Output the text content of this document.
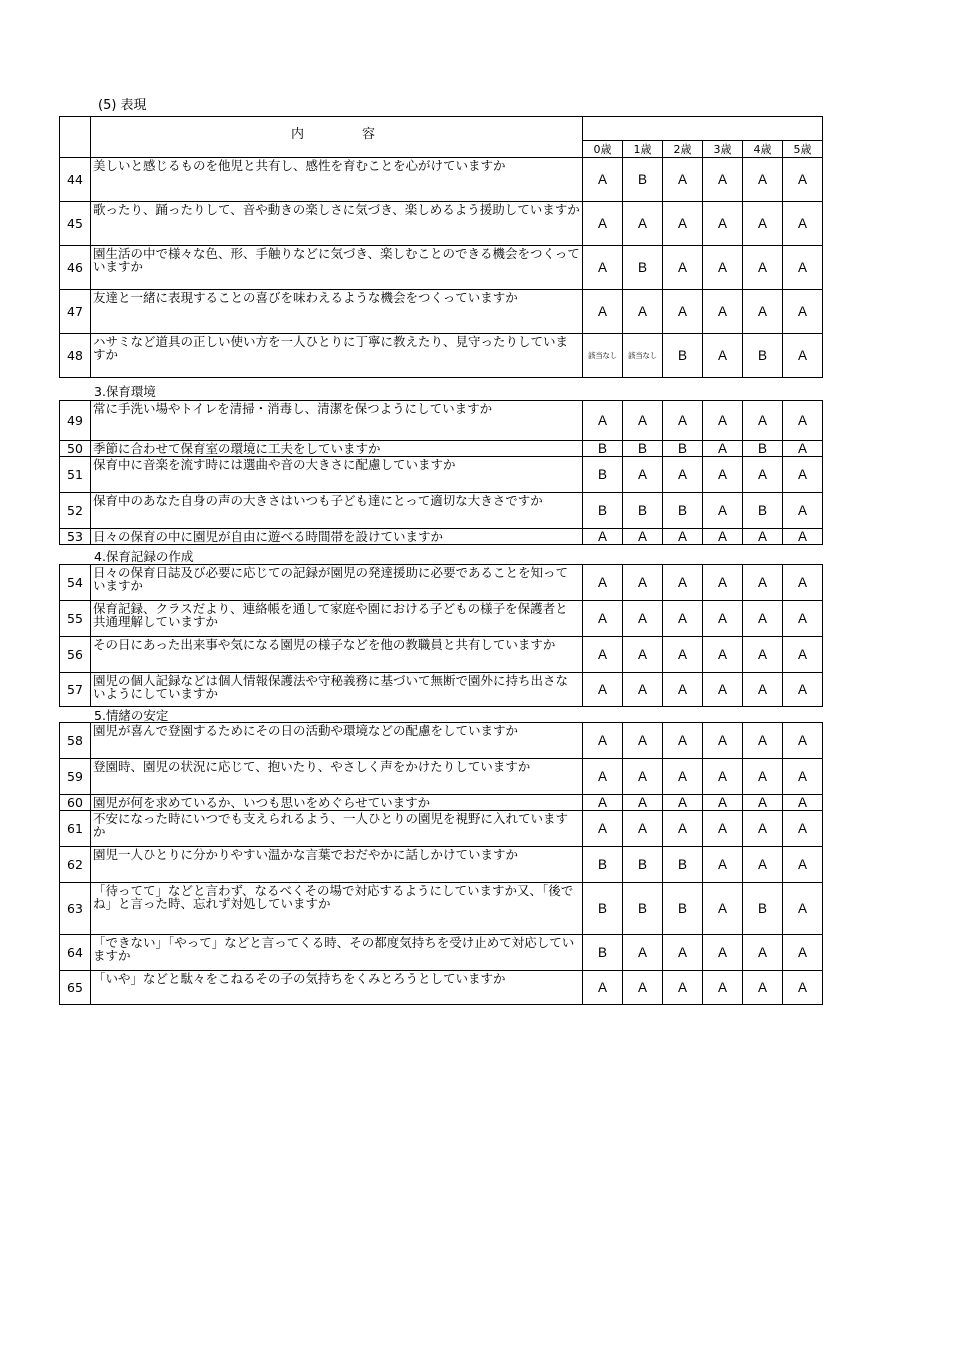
(5) 表現

	内容						

		0歳	1歳	2歳	3歳	4歳	5歳
44	美しいと感じるものを他児と共有し、感性を育むことを心がけていますか	A	B	A	A	A	A
45	歌ったり、踊ったりして、音や動きの楽しさに気づき、楽しめるよう援助していますか	A	A	A	A	A	A
46	園生活の中で様々な色、形、手触りなどに気づき、楽しむことのできる機会をつくっていますか	A	B	A	A	A	A
47	友達と一緒に表現することの喜びを味わえるような機会をつくっていますか	A	A	A	A	A	A
48	ハサミなど道具の正しい使い方を一人ひとりに丁寧に教えたり、見守ったりしていますか	該当なし	該当なし	B	A	B	A
3.保育環境
49	常に手洗い場やトイレを清掃・消毒し、清潔を保つようにしていますか	A	A	A	A	A	A
50	季節に合わせて保育室の環境に工夫をしていますか	B	B	B	A	B	A
51	保育中に音楽を流す時には選曲や音の大きさに配慮していますか	B	A	A	A	A	A
52	保育中のあなた自身の声の大きさはいつも子ども達にとって適切な大きさですか	B	B	B	A	B	A
53	日々の保育の中に園児が自由に遊べる時間帯を設けていますか	A	A	A	A	A	A
4.保育記録の作成
54	日々の保育日誌及び必要に応じての記録が園児の発達援助に必要であることを知っていますか	A	A	A	A	A	A
55	保育記録、クラスだより、連絡帳を通して家庭や園における子どもの様子を保護者と共通理解していますか	A	A	A	A	A	A
56	その日にあった出来事や気になる園児の様子などを他の教職員と共有していますか	A	A	A	A	A	A
57	園児の個人記録などは個人情報保護法や守秘義務に基づいて無断で園外に持ち出さないようにしていますか	A	A	A	A	A	A
5.情緒の安定
58	園児が喜んで登園するためにその日の活動や環境などの配慮をしていますか	A	A	A	A	A	A
59	登園時、園児の状況に応じて、抱いたり、やさしく声をかけたりしていますか	A	A	A	A	A	A
60	園児が何を求めているか、いつも思いをめぐらせていますか	A	A	A	A	A	A
61	不安になった時にいつでも支えられるよう、一人ひとりの園児を視野に入れていますか	A	A	A	A	A	A
62	園児一人ひとりに分かりやすい温かな言葉でおだやかに話しかけていますか	B	B	B	A	A	A
63	「待ってて」などと言わず、なるべくその場で対応するようにしていますか又、「後でね」と言った時、忘れず対処していますか	B	B	B	A	B	A
64	「できない」「やって」などと言ってくる時、その都度気持ちを受け止めて対応していますか	B	A	A	A	A	A
65	「いや」などと駄々をこねるその子の気持ちをくみとろうとしていますか	A	A	A	A	A	A
